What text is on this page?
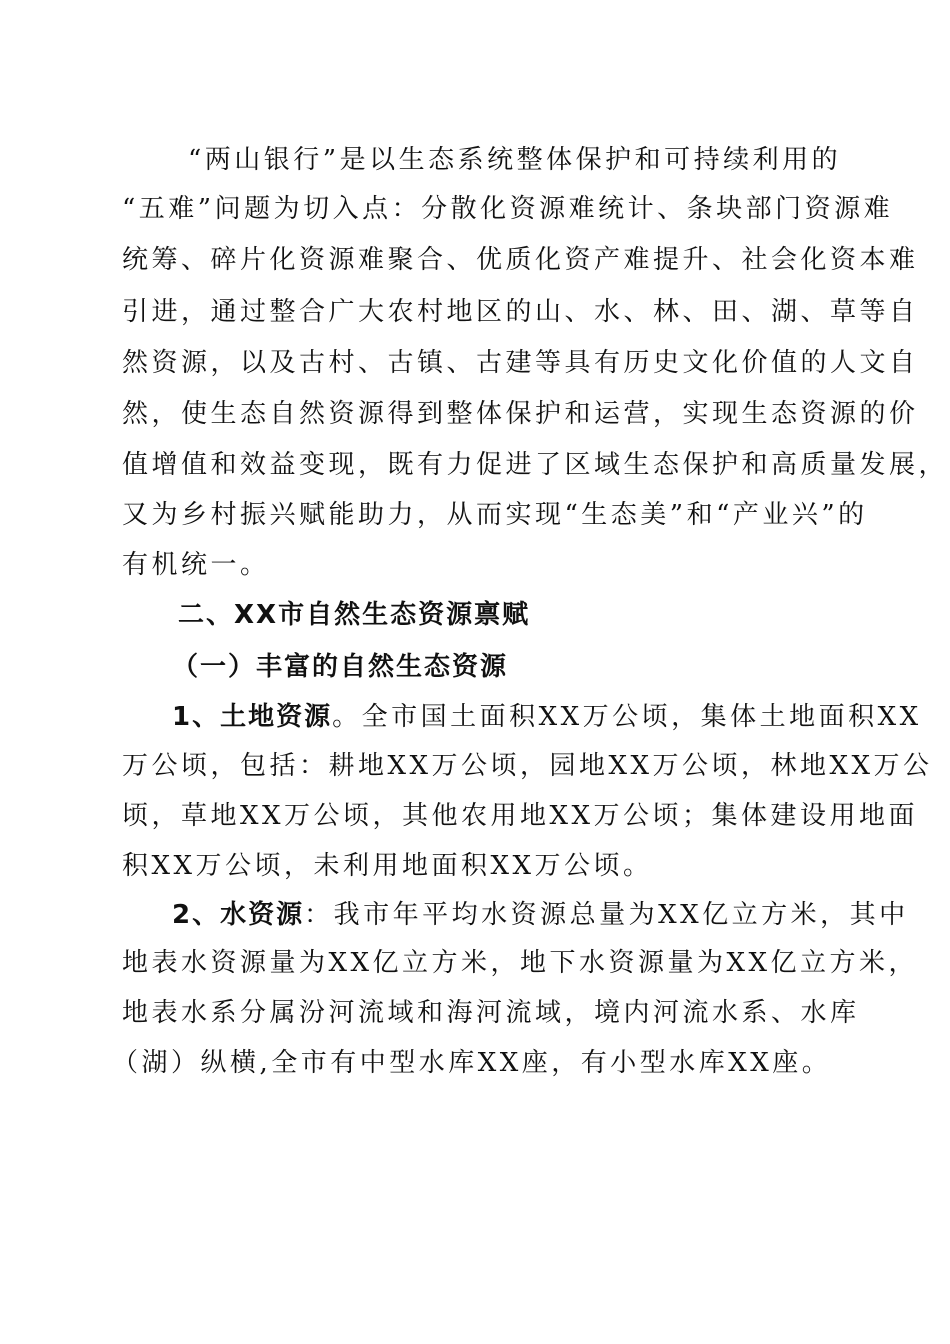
“两山银行”是以生态系统整体保护和可持续利用的
“五难”问题为切入点：分散化资源难统计、条块部门资源难
统筹、碎片化资源难聚合、优质化资产难提升、社会化资本难
引进，通过整合广大农村地区的山、水、林、田、湖、草等自
然资源，以及古村、古镇、古建等具有历史文化价值的人文自
然，使生态自然资源得到整体保护和运营，实现生态资源的价
值增值和效益变现，既有力促进了区域生态保护和高质量发展，
又为乡村振兴赋能助力，从而实现“生态美”和“产业兴”的
有机统一。
二、XX市自然生态资源禀赋
（一）丰富的自然生态资源
1、土地资源。全市国土面积XX万公顷，集体土地面积XX
万公顷，包括：耕地XX万公顷，园地XX万公顷，林地XX万公
顷，草地XX万公顷，其他农用地XX万公顷；集体建设用地面
积XX万公顷，未利用地面积XX万公顷。
2、水资源：我市年平均水资源总量为XX亿立方米，其中
地表水资源量为XX亿立方米，地下水资源量为XX亿立方米，
地表水系分属汾河流域和海河流域，境内河流水系、水库
（湖）纵横,全市有中型水库XX座，有小型水库XX座。
